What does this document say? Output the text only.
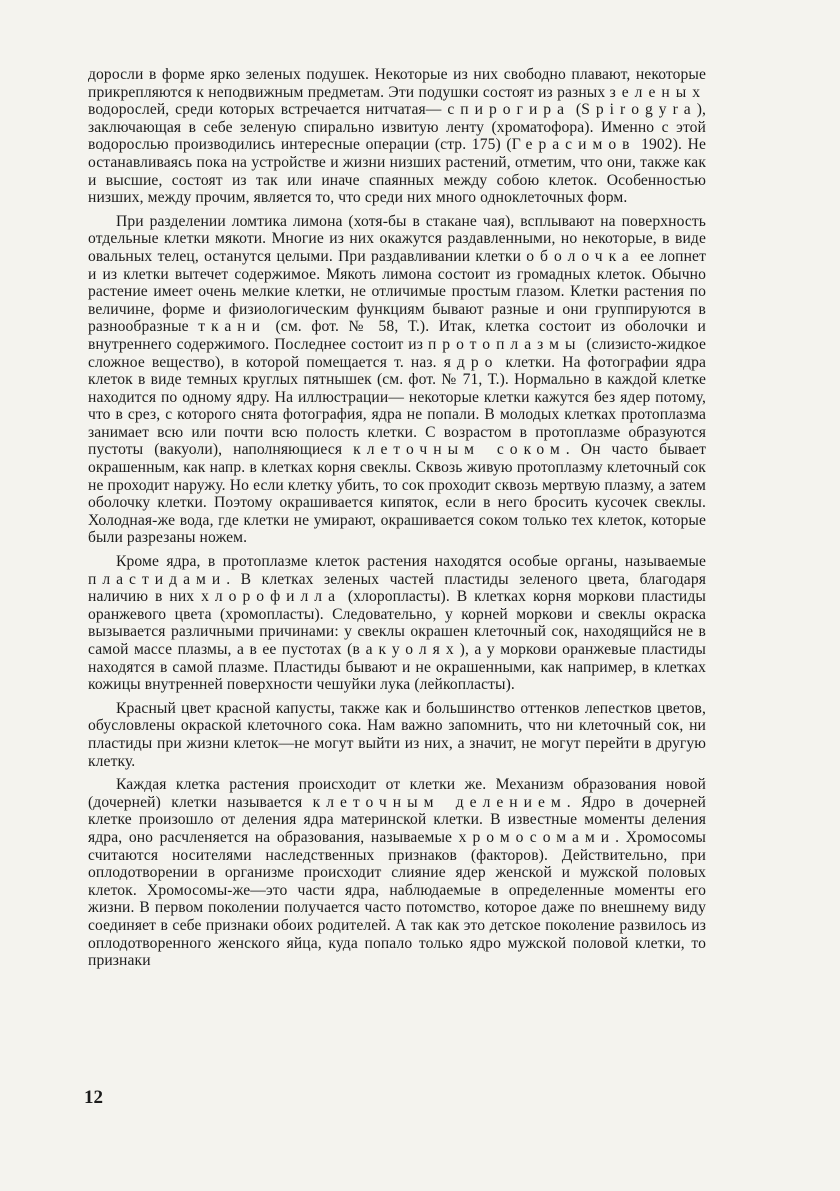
доросли в форме ярко зеленых подушек. Некоторые из них свободно плавают, некоторые прикрепляются к неподвижным предметам. Эти подушки состоят из разных зеленых водорослей, среди которых встречается нитчатая— спирогира (Spirogyra), заключающая в себе зеленую спирально извитую ленту (хроматофора). Именно с этой водорослью производились интересные операции (стр. 175) (Герасимов 1902). Не останавливаясь пока на устройстве и жизни низших растений, отметим, что они, также как и высшие, состоят из так или иначе спаянных между собою клеток. Особенностью низших, между прочим, является то, что среди них много одноклеточных форм.

При разделении ломтика лимона (хотя-бы в стакане чая), всплывают на поверхность отдельные клетки мякоти. Многие из них окажутся раздавленными, но некоторые, в виде овальных телец, останутся целыми. При раздавливании клетки оболочка ее лопнет и из клетки вытечет содержимое. Мякоть лимона состоит из громадных клеток. Обычно растение имеет очень мелкие клетки, не отличимые простым глазом. Клетки растения по величине, форме и физиологическим функциям бывают разные и они группируются в разнообразные ткани (см. фот. № 58, Т.). Итак, клетка состоит из оболочки и внутреннего содержимого. Последнее состоит из протоплазмы (слизисто-жидкое сложное вещество), в которой помещается т. наз. ядро клетки. На фотографии ядра клеток в виде темных круглых пятнышек (см. фот. № 71, Т.). Нормально в каждой клетке находится по одному ядру. На иллюстрации— некоторые клетки кажутся без ядер потому, что в срез, с которого снята фотография, ядра не попали. В молодых клетках протоплазма занимает всю или почти всю полость клетки. С возрастом в протоплазме образуются пустоты (вакуоли), наполняющиеся клеточным соком. Он часто бывает окрашенным, как напр. в клетках корня свеклы. Сквозь живую протоплазму клеточный сок не проходит наружу. Но если клетку убить, то сок проходит сквозь мертвую плазму, а затем оболочку клетки. Поэтому окрашивается кипяток, если в него бросить кусочек свеклы. Холодная-же вода, где клетки не умирают, окрашивается соком только тех клеток, которые были разрезаны ножем.

Кроме ядра, в протоплазме клеток растения находятся особые органы, называемые пластидами. В клетках зеленых частей пластиды зеленого цвета, благодаря наличию в них хлорофилла (хлоропласты). В клетках корня моркови пластиды оранжевого цвета (хромопласты). Следовательно, у корней моркови и свеклы окраска вызывается различными причинами: у свеклы окрашен клеточный сок, находящийся не в самой массе плазмы, а в ее пустотах (вакуолях), а у моркови оранжевые пластиды находятся в самой плазме. Пластиды бывают и не окрашенными, как например, в клетках кожицы внутренней поверхности чешуйки лука (лейкопласты).

Красный цвет красной капусты, также как и большинство оттенков лепестков цветов, обусловлены окраской клеточного сока. Нам важно запомнить, что ни клеточный сок, ни пластиды при жизни клеток—не могут выйти из них, а значит, не могут перейти в другую клетку.

Каждая клетка растения происходит от клетки же. Механизм образования новой (дочерней) клетки называется клеточным делением. Ядро в дочерней клетке произошло от деления ядра материнской клетки. В известные моменты деления ядра, оно расчленяется на образования, называемые хромосомами. Хромосомы считаются носителями наследственных признаков (факторов). Действительно, при оплодотворении в организме происходит слияние ядер женской и мужской половых клеток. Хромосомы-же—это части ядра, наблюдаемые в определенные моменты его жизни. В первом поколении получается часто потомство, которое даже по внешнему виду соединяет в себе признаки обоих родителей. А так как это детское поколение развилось из оплодотворенного женского яйца, куда попало только ядро мужской половой клетки, то признаки

12
